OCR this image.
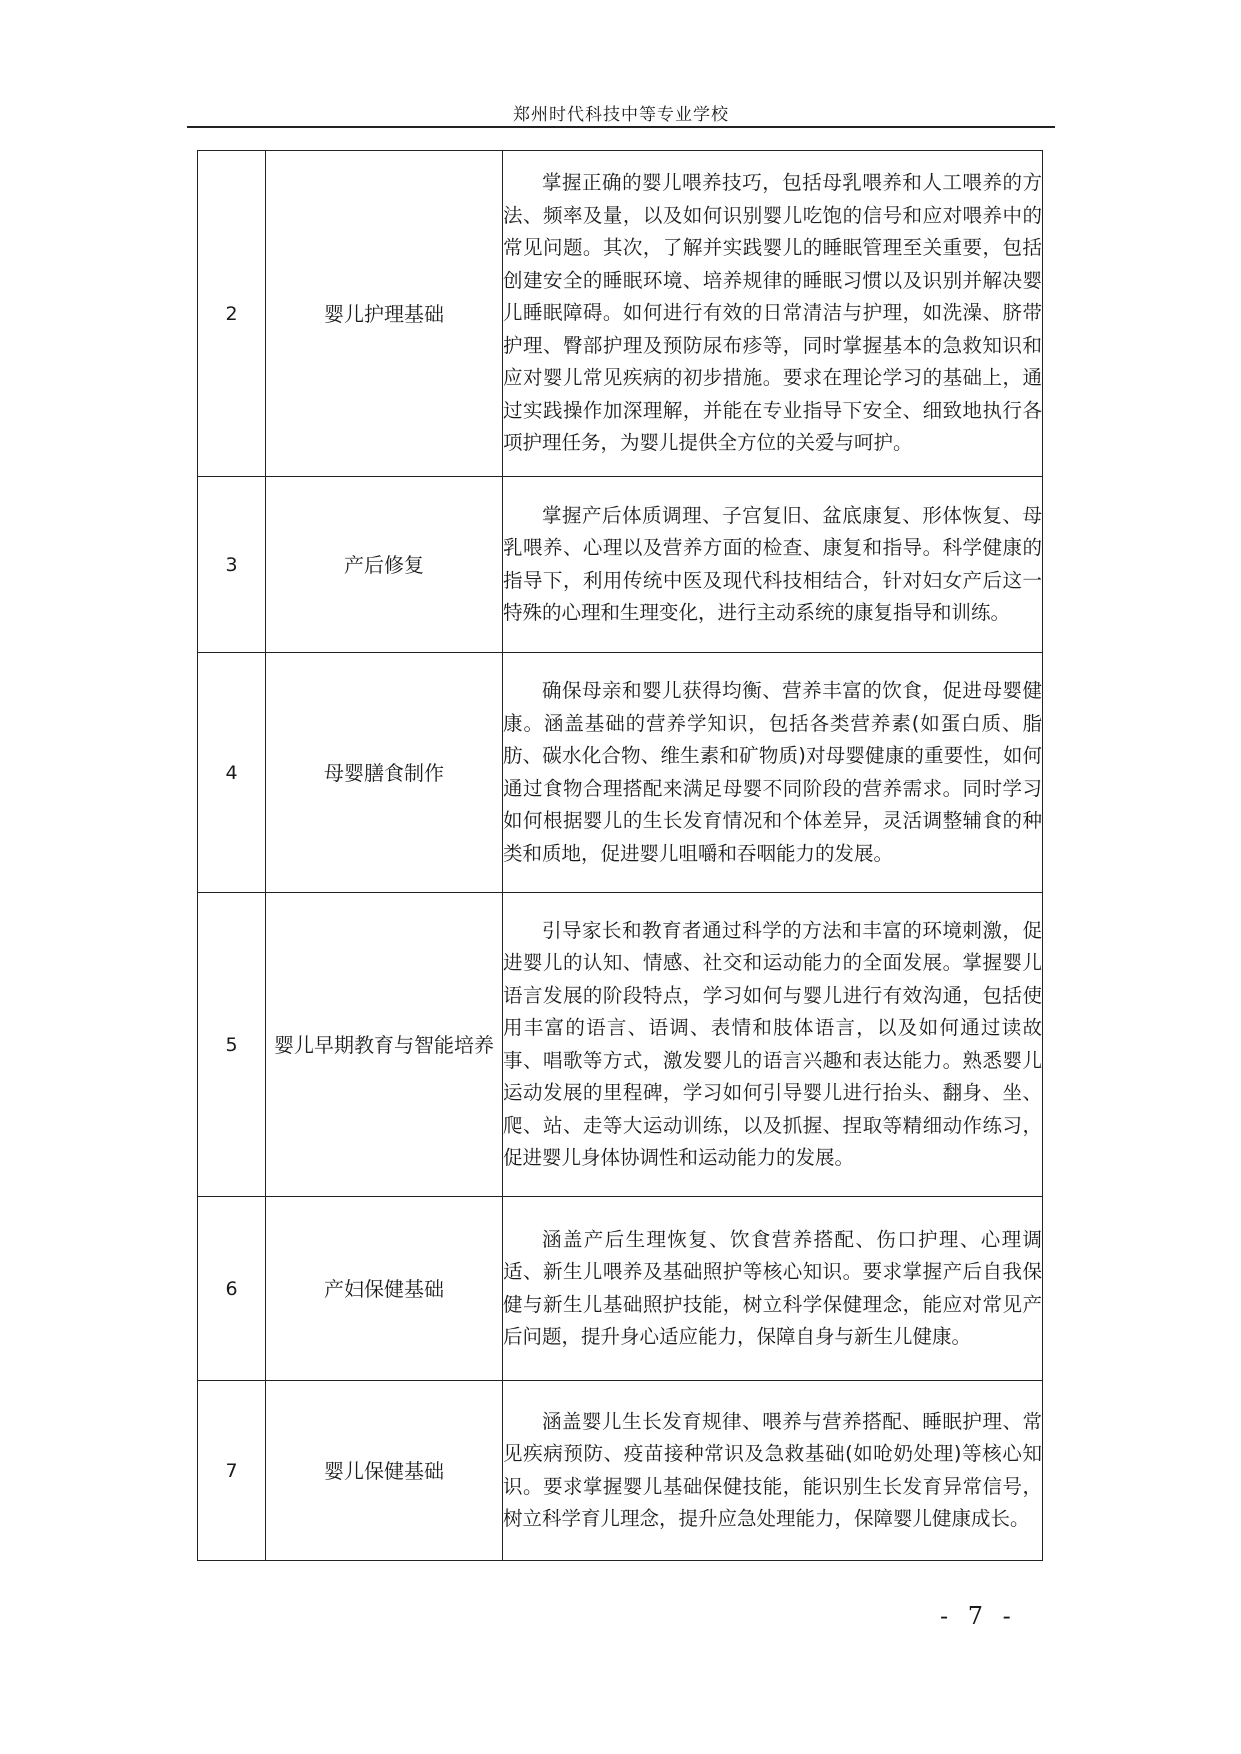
郑州时代科技中等专业学校
2	婴儿护理基础	掌握正确的婴儿喂养技巧，包括母乳喂养和人工喂养的方法、频率及量，以及如何识别婴儿吃饱的信号和应对喂养中的常见问题。其次，了解并实践婴儿的睡眠管理至关重要，包括创建安全的睡眠环境、培养规律的睡眠习惯以及识别并解决婴儿睡眠障碍。如何进行有效的日常清洁与护理，如洗澡、脐带护理、臀部护理及预防尿布疹等，同时掌握基本的急救知识和应对婴儿常见疾病的初步措施。要求在理论学习的基础上，通过实践操作加深理解，并能在专业指导下安全、细致地执行各项护理任务，为婴儿提供全方位的关爱与呵护。
3	产后修复	掌握产后体质调理、子宫复旧、盆底康复、形体恢复、母乳喂养、心理以及营养方面的检查、康复和指导。科学健康的指导下，利用传统中医及现代科技相结合，针对妇女产后这一特殊的心理和生理变化，进行主动系统的康复指导和训练。
4	母婴膳食制作	确保母亲和婴儿获得均衡、营养丰富的饮食，促进母婴健康。涵盖基础的营养学知识，包括各类营养素(如蛋白质、脂肪、碳水化合物、维生素和矿物质)对母婴健康的重要性，如何通过食物合理搭配来满足母婴不同阶段的营养需求。同时学习如何根据婴儿的生长发育情况和个体差异，灵活调整辅食的种类和质地，促进婴儿咀嚼和吞咽能力的发展。
5	婴儿早期教育与智能培养	引导家长和教育者通过科学的方法和丰富的环境刺激，促进婴儿的认知、情感、社交和运动能力的全面发展。掌握婴儿语言发展的阶段特点，学习如何与婴儿进行有效沟通，包括使用丰富的语言、语调、表情和肢体语言，以及如何通过读故事、唱歌等方式，激发婴儿的语言兴趣和表达能力。熟悉婴儿运动发展的里程碑，学习如何引导婴儿进行抬头、翻身、坐、爬、站、走等大运动训练，以及抓握、捏取等精细动作练习，促进婴儿身体协调性和运动能力的发展。
6	产妇保健基础	涵盖产后生理恢复、饮食营养搭配、伤口护理、心理调适、新生儿喂养及基础照护等核心知识。要求掌握产后自我保健与新生儿基础照护技能，树立科学保健理念，能应对常见产后问题，提升身心适应能力，保障自身与新生儿健康。
7	婴儿保健基础	涵盖婴儿生长发育规律、喂养与营养搭配、睡眠护理、常见疾病预防、疫苗接种常识及急救基础(如呛奶处理)等核心知识。要求掌握婴儿基础保健技能，能识别生长发育异常信号，树立科学育儿理念，提升应急处理能力，保障婴儿健康成长。
- 7 -
